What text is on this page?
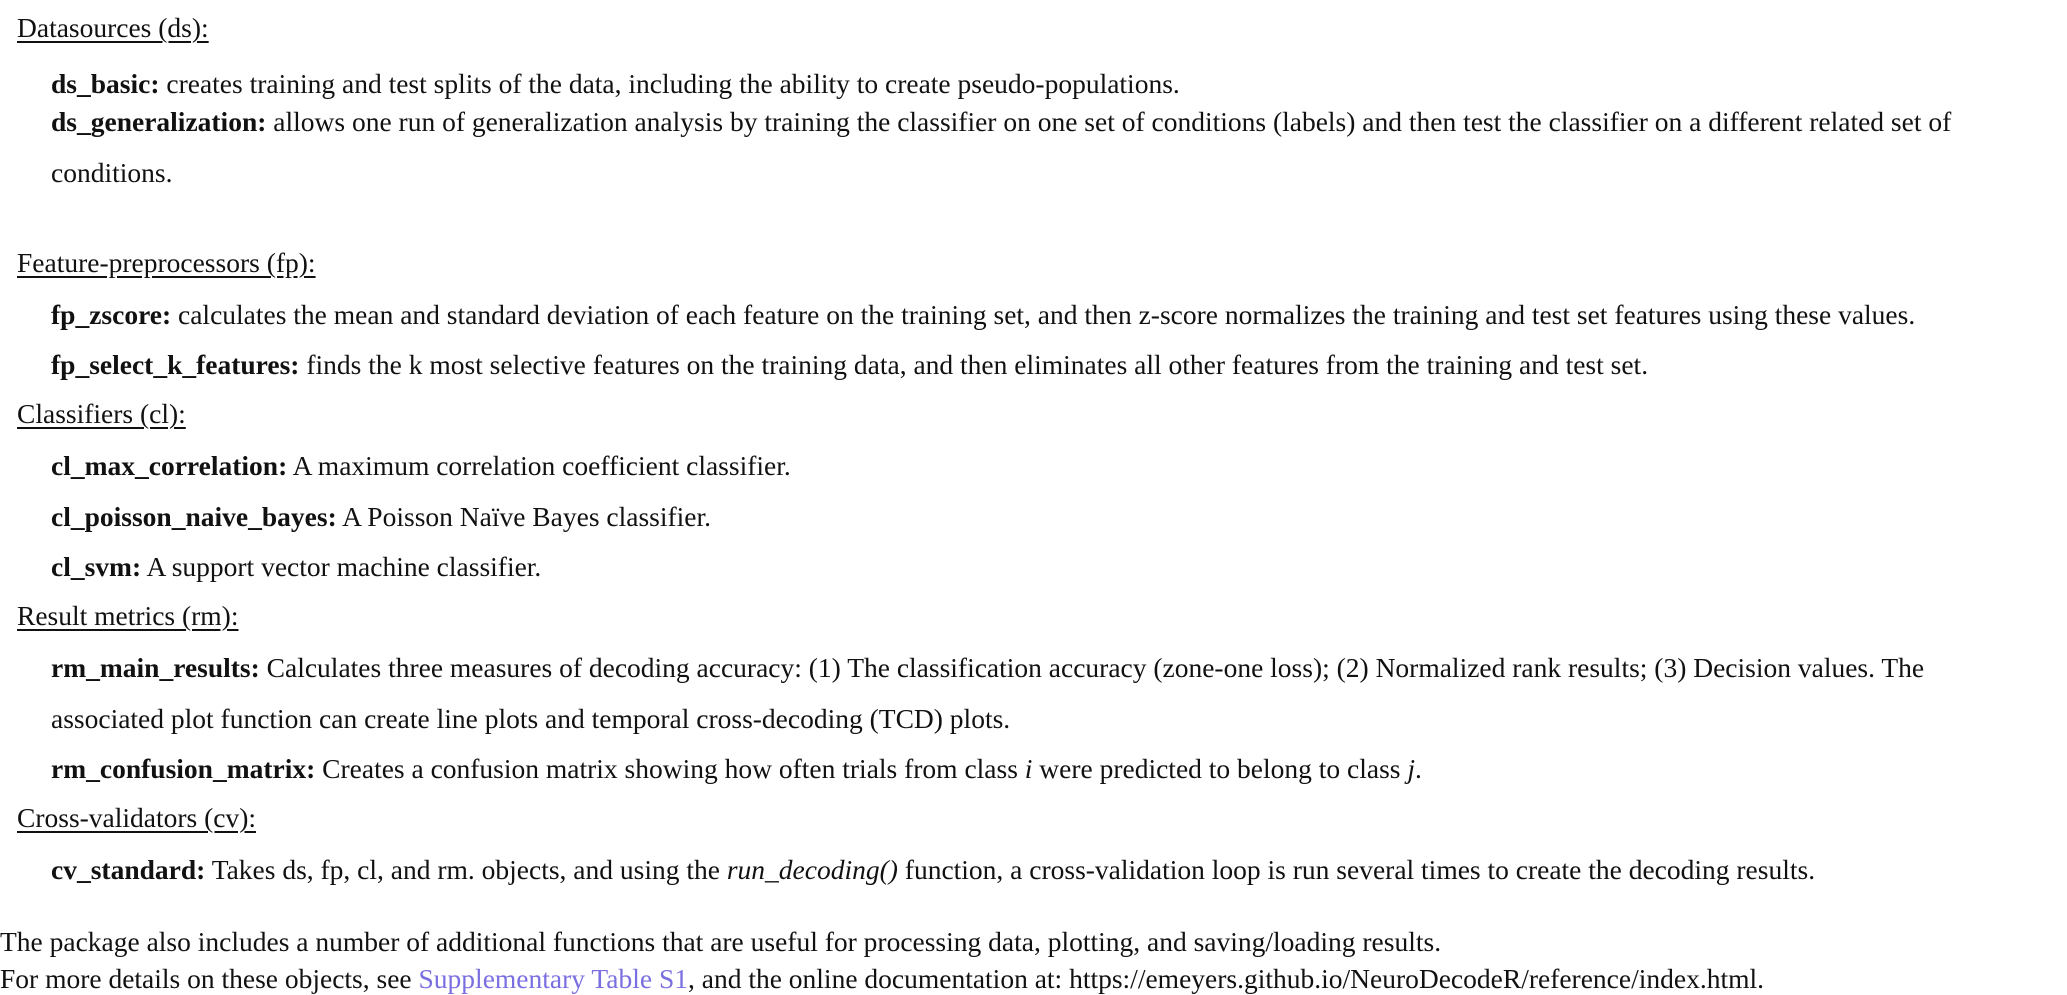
Datasources (ds):
ds_basic: creates training and test splits of the data, including the ability to create pseudo-populations.
ds_generalization: allows one run of generalization analysis by training the classifier on one set of conditions (labels) and then test the classifier on a different related set of conditions.
Feature-preprocessors (fp):
fp_zscore: calculates the mean and standard deviation of each feature on the training set, and then z-score normalizes the training and test set features using these values.
fp_select_k_features: finds the k most selective features on the training data, and then eliminates all other features from the training and test set.
Classifiers (cl):
cl_max_correlation: A maximum correlation coefficient classifier.
cl_poisson_naive_bayes: A Poisson Naïve Bayes classifier.
cl_svm: A support vector machine classifier.
Result metrics (rm):
rm_main_results: Calculates three measures of decoding accuracy: (1) The classification accuracy (zone-one loss); (2) Normalized rank results; (3) Decision values. The associated plot function can create line plots and temporal cross-decoding (TCD) plots.
rm_confusion_matrix: Creates a confusion matrix showing how often trials from class i were predicted to belong to class j.
Cross-validators (cv):
cv_standard: Takes ds, fp, cl, and rm. objects, and using the run_decoding() function, a cross-validation loop is run several times to create the decoding results.
The package also includes a number of additional functions that are useful for processing data, plotting, and saving/loading results.
For more details on these objects, see Supplementary Table S1, and the online documentation at: https://emeyers.github.io/NeuroDecodeR/reference/index.html.
